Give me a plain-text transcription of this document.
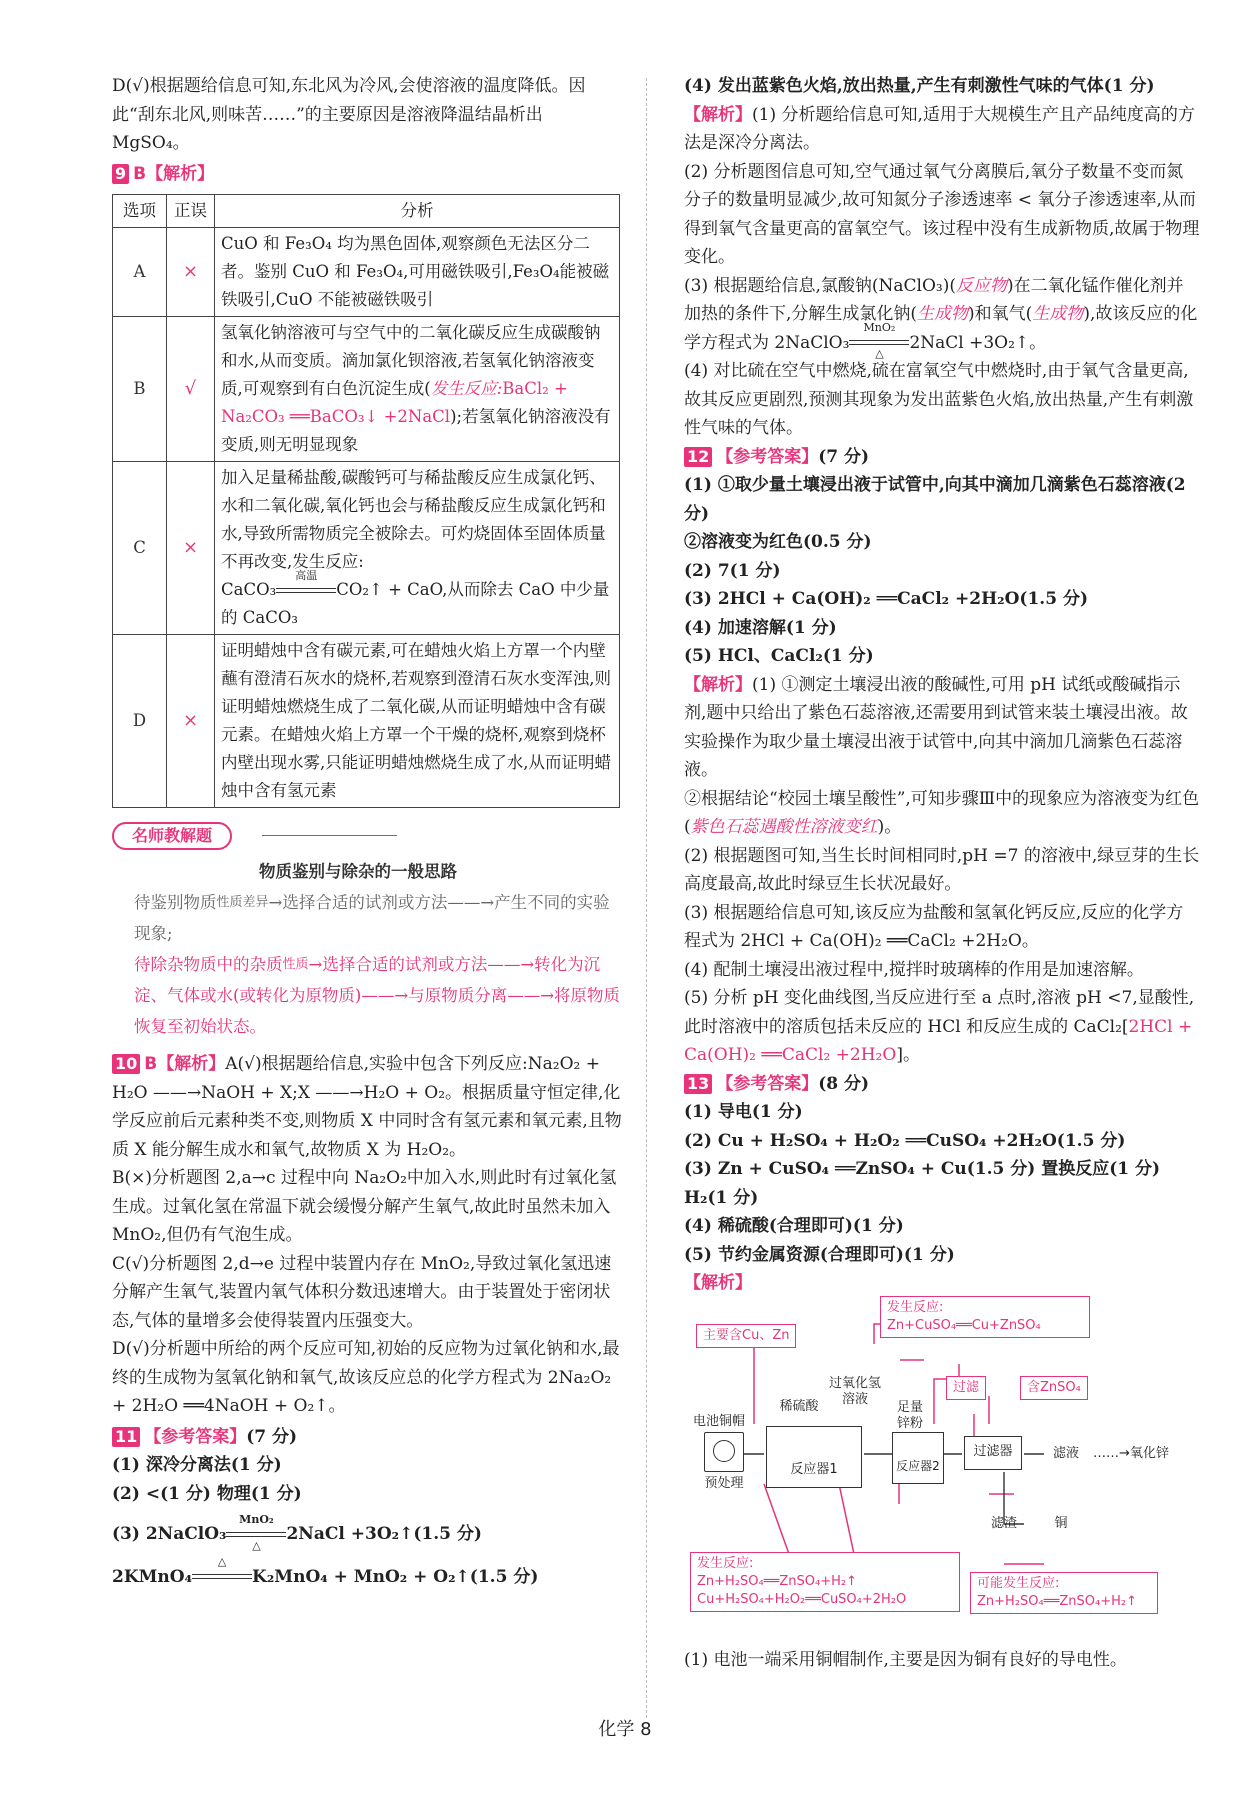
D(√)根据题给信息可知,东北风为冷风,会使溶液的温度降低。因此“刮东北风,则味苦……”的主要原因是溶液降温结晶析出 MgSO₄。

9 B【解析】

选项	正误	分析
A	×	CuO 和 Fe₃O₄ 均为黑色固体,观察颜色无法区分二者。鉴别 CuO 和 Fe₃O₄,可用磁铁吸引,Fe₃O₄能被磁铁吸引,CuO 不能被磁铁吸引
B	√	氢氧化钠溶液可与空气中的二氧化碳反应生成碳酸钠和水,从而变质。滴加氯化钡溶液,若氢氧化钠溶液变质,可观察到有白色沉淀生成(发生反应:BaCl₂ + Na₂CO₃ ══BaCO₃↓ +2NaCl);若氢氧化钠溶液没有变质,则无明显现象
C	×	加入足量稀盐酸,碳酸钙可与稀盐酸反应生成氯化钙、水和二氧化碳,氧化钙也会与稀盐酸反应生成氯化钙和水,导致所需物质完全被除去。可灼烧固体至固体质量不再改变,发生反应:
CaCO₃
高温
CO₂↑ + CaO,从而除去 CaO 中少量的 CaCO₃
D	×	证明蜡烛中含有碳元素,可在蜡烛火焰上方罩一个内壁蘸有澄清石灰水的烧杯,若观察到澄清石灰水变浑浊,则证明蜡烛燃烧生成了二氧化碳,从而证明蜡烛中含有碳元素。在蜡烛火焰上方罩一个干燥的烧杯,观察到烧杯内壁出现水雾,只能证明蜡烛燃烧生成了水,从而证明蜡烛中含有氢元素
名师教解题

物质鉴别与除杂的一般思路

待鉴别物质$^{性质差异}$→选择合适的试剂或方法——→产生不同的实验现象;

待除杂物质中的杂质$^{性质}$→选择合适的试剂或方法——→转化为沉淀、气体或水(或转化为原物质)——→与原物质分离——→将原物质恢复至初始状态。

10 B【解析】A(√)根据题给信息,实验中包含下列反应:Na₂O₂ + H₂O ——→NaOH + X;X ——→H₂O + O₂。根据质量守恒定律,化学反应前后元素种类不变,则物质 X 中同时含有氢元素和氧元素,且物质 X 能分解生成水和氧气,故物质 X 为 H₂O₂。

B(×)分析题图 2,a→c 过程中向 Na₂O₂中加入水,则此时有过氧化氢生成。过氧化氢在常温下就会缓慢分解产生氧气,故此时虽然未加入 MnO₂,但仍有气泡生成。

C(√)分析题图 2,d→e 过程中装置内存在 MnO₂,导致过氧化氢迅速分解产生氧气,装置内氧气体积分数迅速增大。由于装置处于密闭状态,气体的量增多会使得装置内压强变大。

D(√)分析题中所给的两个反应可知,初始的反应物为过氧化钠和水,最终的生成物为氢氧化钠和氧气,故该反应总的化学方程式为 2Na₂O₂ + 2H₂O ══4NaOH + O₂↑。

11 【参考答案】(7 分)

(1) 深冷分离法(1 分)

(2) <(1 分) 物理(1 分)

(3) 2NaClO₃
MnO₂
△
2NaCl +3O₂↑(1.5 分)

2KMnO₄
△
K₂MnO₄ + MnO₂ + O₂↑(1.5 分)

(4) 发出蓝紫色火焰,放出热量,产生有刺激性气味的气体(1 分)

【解析】(1) 分析题给信息可知,适用于大规模生产且产品纯度高的方法是深冷分离法。

(2) 分析题图信息可知,空气通过氧气分离膜后,氧分子数量不变而氮分子的数量明显减少,故可知氮分子渗透速率 < 氧分子渗透速率,从而得到氧气含量更高的富氧空气。该过程中没有生成新物质,故属于物理变化。

(3) 根据题给信息,氯酸钠(NaClO₃)(反应物)在二氧化锰作催化剂并加热的条件下,分解生成氯化钠(生成物)和氧气(生成物),故该反应的化学方程式为 2NaClO₃
MnO₂
△
2NaCl +3O₂↑。

(4) 对比硫在空气中燃烧,硫在富氧空气中燃烧时,由于氧气含量更高,故其反应更剧烈,预测其现象为发出蓝紫色火焰,放出热量,产生有刺激性气味的气体。

12 【参考答案】(7 分)

(1) ①取少量土壤浸出液于试管中,向其中滴加几滴紫色石蕊溶液(2 分)

②溶液变为红色(0.5 分)

(2) 7(1 分)

(3) 2HCl + Ca(OH)₂ ══CaCl₂ +2H₂O(1.5 分)

(4) 加速溶解(1 分)

(5) HCl、CaCl₂(1 分)

【解析】(1) ①测定土壤浸出液的酸碱性,可用 pH 试纸或酸碱指示剂,题中只给出了紫色石蕊溶液,还需要用到试管来装土壤浸出液。故实验操作为取少量土壤浸出液于试管中,向其中滴加几滴紫色石蕊溶液。

②根据结论“校园土壤呈酸性”,可知步骤Ⅲ中的现象应为溶液变为红色(紫色石蕊遇酸性溶液变红)。

(2) 根据题图可知,当生长时间相同时,pH =7 的溶液中,绿豆芽的生长高度最高,故此时绿豆生长状况最好。

(3) 根据题给信息可知,该反应为盐酸和氢氧化钙反应,反应的化学方程式为 2HCl + Ca(OH)₂ ══CaCl₂ +2H₂O。

(4) 配制土壤浸出液过程中,搅拌时玻璃棒的作用是加速溶解。

(5) 分析 pH 变化曲线图,当反应进行至 a 点时,溶液 pH <7,显酸性,此时溶液中的溶质包括未反应的 HCl 和反应生成的 CaCl₂[2HCl + Ca(OH)₂ ══CaCl₂ +2H₂O]。

13 【参考答案】(8 分)

(1) 导电(1 分)

(2) Cu + H₂SO₄ + H₂O₂ ══CuSO₄ +2H₂O(1.5 分)

(3) Zn + CuSO₄ ══ZnSO₄ + Cu(1.5 分) 置换反应(1 分)

H₂(1 分)

(4) 稀硫酸(合理即可)(1 分)

(5) 节约金属资源(合理即可)(1 分)

【解析】

主要含Cu、Zn
发生反应:
Zn+CuSO₄══Cu+ZnSO₄
过滤	含ZnSO₄
电池铜帽
稀硫酸
过氧化氢溶液
足量锌粉
预处理
反应器1	反应器2
过滤器	滤液	……→氧化锌
滤渣	铜
发生反应:
Zn+H₂SO₄══ZnSO₄+H₂↑
Cu+H₂SO₄+H₂O₂══CuSO₄+2H₂O
可能发生反应:
Zn+H₂SO₄══ZnSO₄+H₂↑

(1) 电池一端采用铜帽制作,主要是因为铜有良好的导电性。

化学 8
